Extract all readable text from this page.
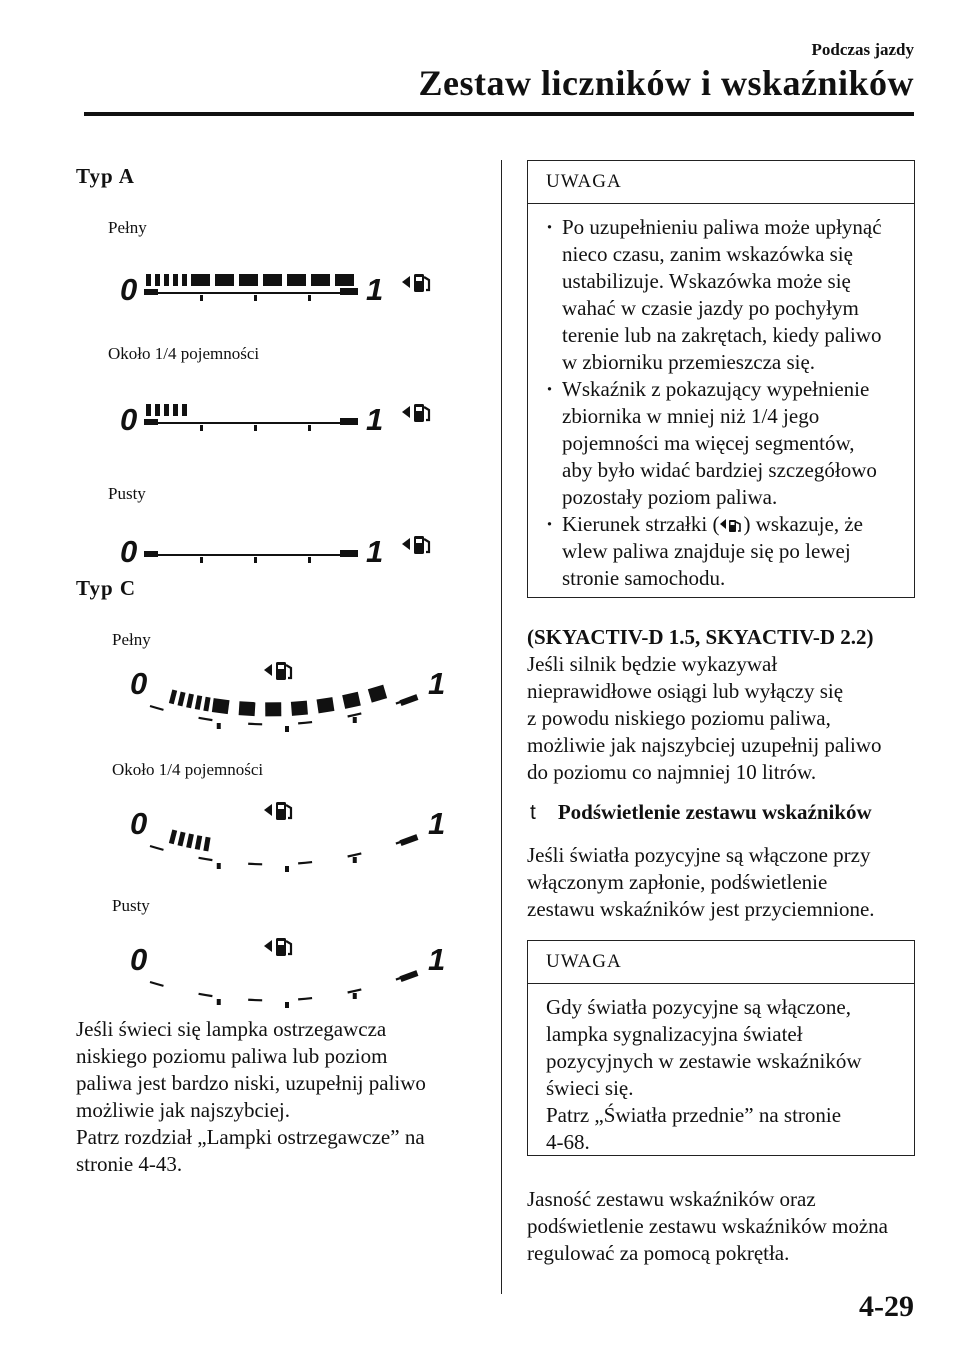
Podczas jazdy
Zestaw liczników i wskaźników
Typ A
Pełny
0	1
Około 1/4 pojemności
0	1
Pusty
0	1
Typ C
Pełny
0	1
Około 1/4 pojemności
0	1
Pusty
0	1

Jeśli świeci się lampka ostrzegawcza

niskiego poziomu paliwa lub poziom

paliwa jest bardzo niski, uzupełnij paliwo

możliwie jak najszybciej.

Patrz rozdział „Lampki ostrzegawcze” na

stronie 4-43.

UWAGA
· Po uzupełnieniu paliwa może upłynąć
nieco czasu, zanim wskazówka się
ustabilizuje. Wskazówka może się
wahać w czasie jazdy po pochyłym
terenie lub na zakrętach, kiedy paliwo
w zbiorniku przemieszcza się.
· Wskaźnik z pokazujący wypełnienie
zbiornika w mniej niż 1/4 jego
pojemności ma więcej segmentów,
aby było widać bardziej szczegółowo
pozostały poziom paliwa.
· Kierunek strzałki ( ) wskazuje, że
wlew paliwa znajduje się po lewej
stronie samochodu.

(SKYACTIV-D 1.5, SKYACTIV-D 2.2)

Jeśli silnik będzie wykazywał

nieprawidłowe osiągi lub wyłączy się

z powodu niskiego poziomu paliwa,

możliwie jak najszybciej uzupełnij paliwo

do poziomu co najmniej 10 litrów.

t Podświetlenie zestawu wskaźników

Jeśli światła pozycyjne są włączone przy

włączonym zapłonie, podświetlenie

zestawu wskaźników jest przyciemnione.

UWAGA
Gdy światła pozycyjne są włączone,
lampka sygnalizacyjna świateł
pozycyjnych w zestawie wskaźników
świeci się.
Patrz „Światła przednie” na stronie
4-68.

Jasność zestawu wskaźników oraz

podświetlenie zestawu wskaźników można

regulować za pomocą pokrętła.

4-29
